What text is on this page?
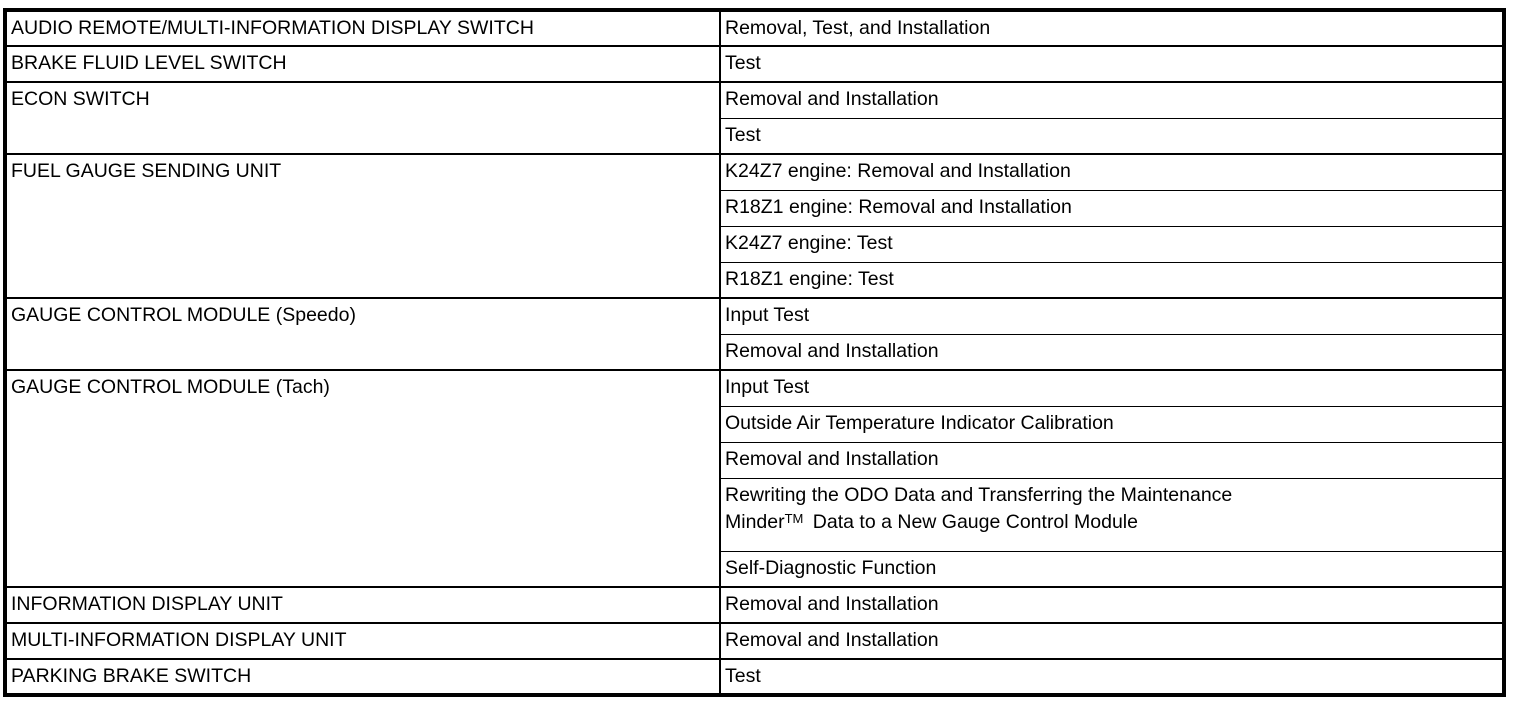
AUDIO REMOTE/MULTI-INFORMATION DISPLAY SWITCH	Removal, Test, and Installation
BRAKE FLUID LEVEL SWITCH	Test
ECON SWITCH	Removal and Installation
	Test
FUEL GAUGE SENDING UNIT	K24Z7 engine: Removal and Installation
	R18Z1 engine: Removal and Installation
	K24Z7 engine: Test
	R18Z1 engine: Test
GAUGE CONTROL MODULE (Speedo)	Input Test
	Removal and Installation
GAUGE CONTROL MODULE (Tach)	Input Test
	Outside Air Temperature Indicator Calibration
	Removal and Installation
	Rewriting the ODO Data and Transferring the Maintenance
Minder™ Data to a New Gauge Control Module
	Self-Diagnostic Function
INFORMATION DISPLAY UNIT	Removal and Installation
MULTI-INFORMATION DISPLAY UNIT	Removal and Installation
PARKING BRAKE SWITCH	Test
